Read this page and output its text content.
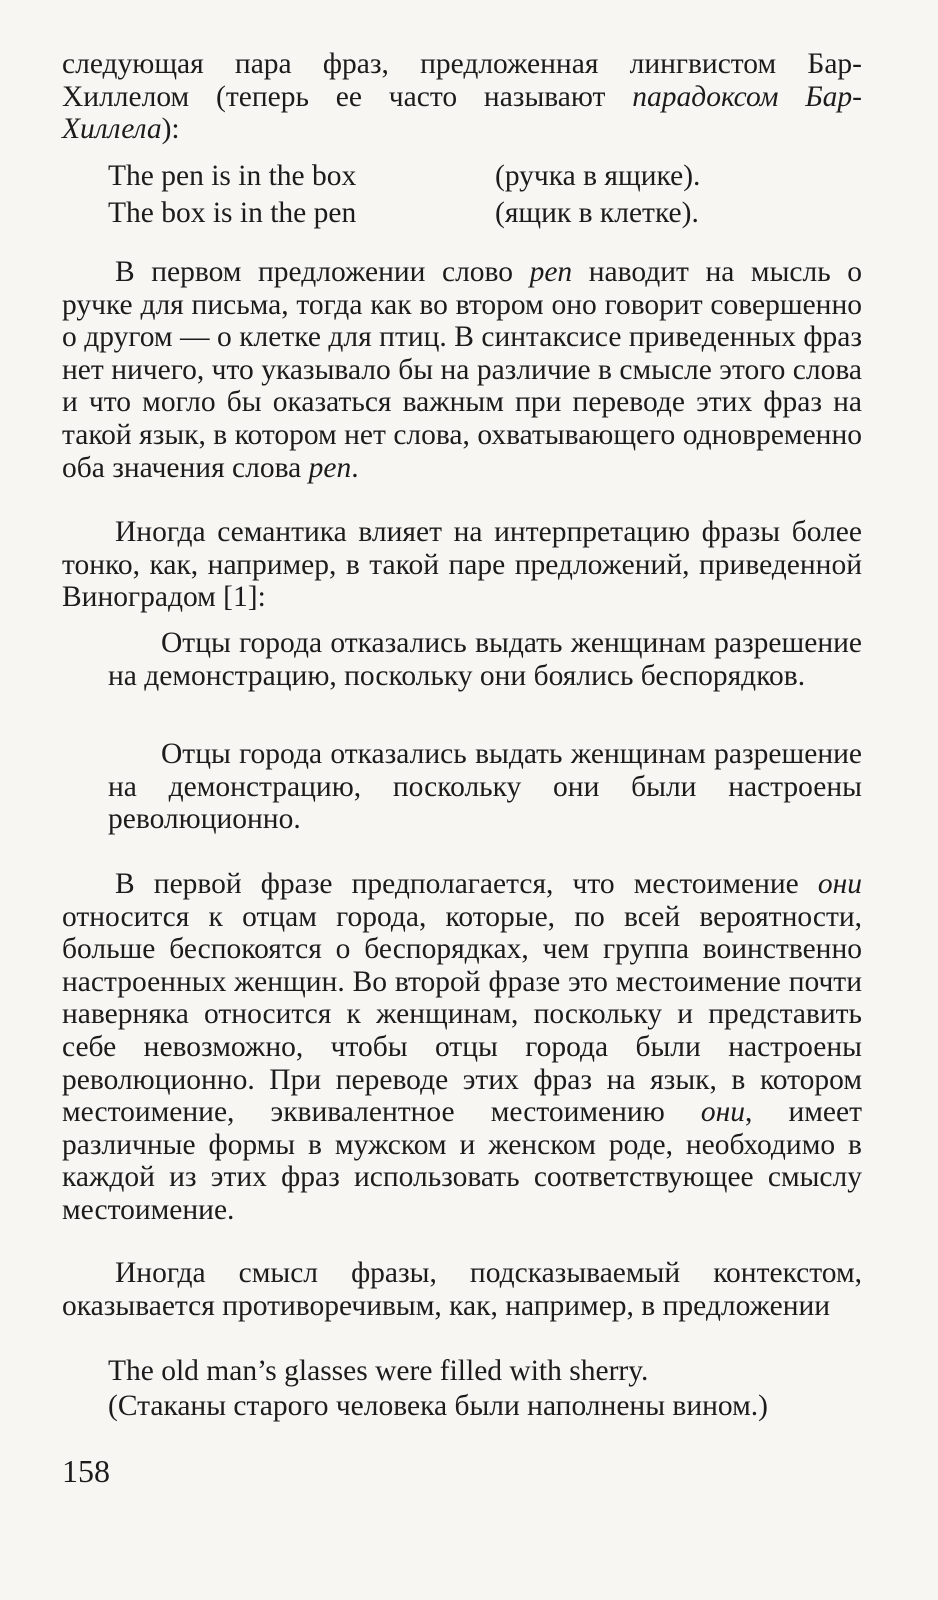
следующая пара фраз, предложенная лингвистом Бар-Хиллелом (теперь ее часто называют парадоксом Бар-Хиллела):

The pen is in the box	(ручка в ящике).
The box is in the pen	(ящик в клетке).

В первом предложении слово pen наводит на мысль о ручке для письма, тогда как во втором оно говорит совершенно о другом — о клетке для птиц. В синтаксисе приведенных фраз нет ничего, что указывало бы на различие в смысле этого слова и что могло бы оказаться важным при переводе этих фраз на такой язык, в котором нет слова, охватывающего одновременно оба значения слова pen.

Иногда семантика влияет на интерпретацию фразы более тонко, как, например, в такой паре предложений, приведенной Виноградом [1]:

Отцы города отказались выдать женщинам разрешение на демонстрацию, поскольку они боялись беспорядков.

Отцы города отказались выдать женщинам разрешение на демонстрацию, поскольку они были настроены революционно.

В первой фразе предполагается, что местоимение они относится к отцам города, которые, по всей вероятности, больше беспокоятся о беспорядках, чем группа воинственно настроенных женщин. Во второй фразе это местоимение почти наверняка относится к женщинам, поскольку и представить себе невозможно, чтобы отцы города были настроены революционно. При переводе этих фраз на язык, в котором местоимение, эквивалентное местоимению они, имеет различные формы в мужском и женском роде, необходимо в каждой из этих фраз использовать соответствующее смыслу местоимение.

Иногда смысл фразы, подсказываемый контекстом, оказывается противоречивым, как, например, в предложении

The old man’s glasses were filled with sherry.

(Стаканы старого человека были наполнены вином.)

158
